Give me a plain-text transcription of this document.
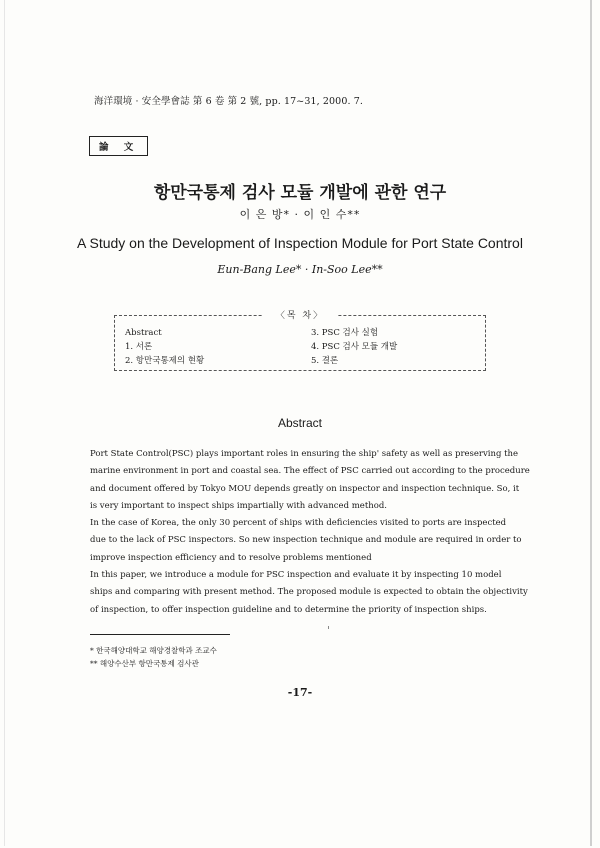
海洋環境 · 安全學會誌 第 6 卷 第 2 號, pp. 17~31, 2000. 7.
論 文
항만국통제 검사 모듈 개발에 관한 연구
이 은 방* · 이 인 수**
A Study on the Development of Inspection Module for Port State Control
Eun-Bang Lee* · In-Soo Lee**
〈목 차〉
Abstract
1. 서론
2. 항만국통제의 현황
3. PSC 검사 실험
4. PSC 검사 모듈 개발
5. 결론
Abstract
Port State Control(PSC) plays important roles in ensuring the ship' safety as well as preserving the
marine environment in port and coastal sea. The effect of PSC carried out according to the procedure
and document offered by Tokyo MOU depends greatly on inspector and inspection technique. So, it
is very important to inspect ships impartially with advanced method.
In the case of Korea, the only 30 percent of ships with deficiencies visited to ports are inspected
due to the lack of PSC inspectors. So new inspection technique and module are required in order to
improve inspection efficiency and to resolve problems mentioned
In this paper, we introduce a module for PSC inspection and evaluate it by inspecting 10 model
ships and comparing with present method. The proposed module is expected to obtain the objectivity
of inspection, to offer inspection guideline and to determine the priority of inspection ships.
* 한국해양대학교 해양경찰학과 조교수
** 해양수산부 항만국통제 검사관
-17-
